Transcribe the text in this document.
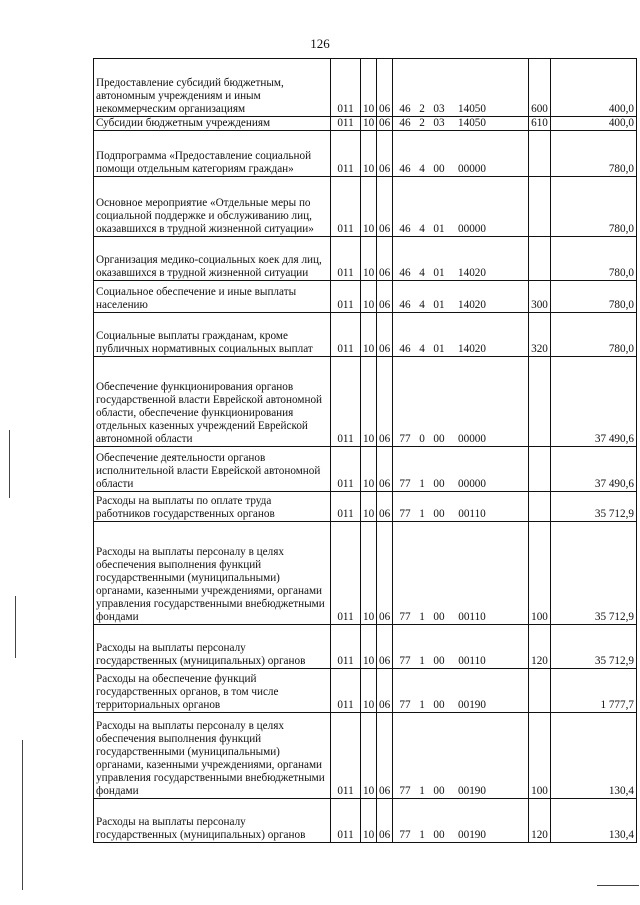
126
Предоставление субсидий бюджетным, автономным учреждениям и иным некоммерческим организациям	011	10	06	46 2 03 14050	600	400,0
Субсидии бюджетным учреждениям	011	10	06	46 2 03 14050	610	400,0
Подпрограмма «Предоставление социальной помощи отдельным категориям граждан»	011	10	06	46 4 00 00000		780,0
Основное мероприятие «Отдельные меры по социальной поддержке и обслуживанию лиц, оказавшихся в трудной жизненной ситуации»	011	10	06	46 4 01 00000		780,0
Организация медико-социальных коек для лиц, оказавшихся в трудной жизненной ситуации	011	10	06	46 4 01 14020		780,0
Социальное обеспечение и иные выплаты населению	011	10	06	46 4 01 14020	300	780,0
Социальные выплаты гражданам, кроме публичных нормативных социальных выплат	011	10	06	46 4 01 14020	320	780,0
Обеспечение функционирования органов государственной власти Еврейской автономной области, обеспечение функционирования отдельных казенных учреждений Еврейской автономной области	011	10	06	77 0 00 00000		37 490,6
Обеспечение деятельности органов исполнительной власти Еврейской автономной области	011	10	06	77 1 00 00000		37 490,6
Расходы на выплаты по оплате труда работников государственных органов	011	10	06	77 1 00 00110		35 712,9
Расходы на выплаты персоналу в целях обеспечения выполнения функций государственными (муниципальными) органами, казенными учреждениями, органами управления государственными внебюджетными фондами	011	10	06	77 1 00 00110	100	35 712,9
Расходы на выплаты персоналу государственных (муниципальных) органов	011	10	06	77 1 00 00110	120	35 712,9
Расходы на обеспечение функций государственных органов, в том числе территориальных органов	011	10	06	77 1 00 00190		1 777,7
Расходы на выплаты персоналу в целях обеспечения выполнения функций государственными (муниципальными) органами, казенными учреждениями, органами управления государственными внебюджетными фондами	011	10	06	77 1 00 00190	100	130,4
Расходы на выплаты персоналу государственных (муниципальных) органов	011	10	06	77 1 00 00190	120	130,4
